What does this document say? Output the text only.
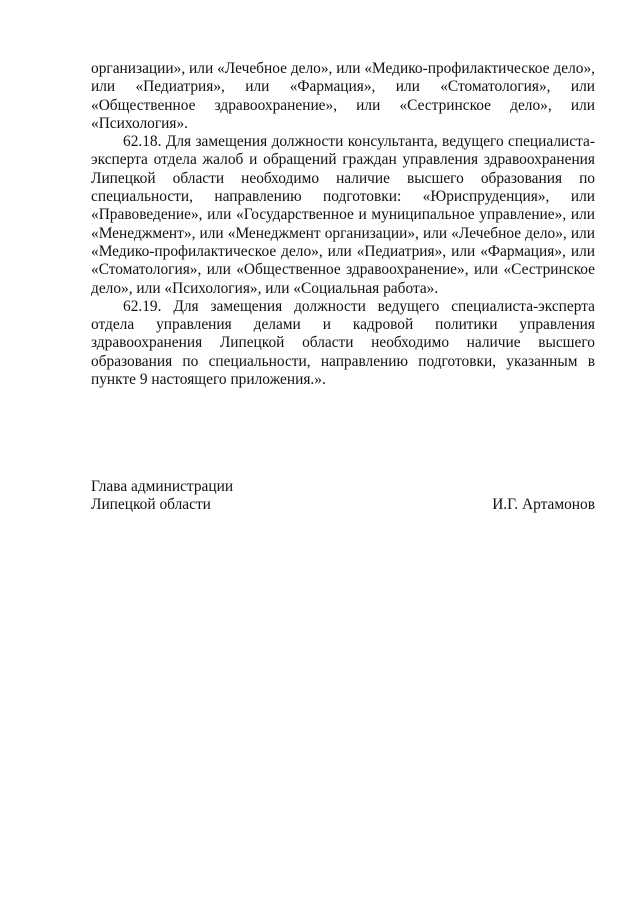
организации», или «Лечебное дело», или «Медико-профилактическое дело», или «Педиатрия», или «Фармация», или «Стоматология», или «Общественное здравоохранение», или «Сестринское дело», или «Психология».

62.18. Для замещения должности консультанта, ведущего специалиста-эксперта отдела жалоб и обращений граждан управления здравоохранения Липецкой области необходимо наличие высшего образования по специальности, направлению подготовки: «Юриспруденция», или «Правоведение», или «Государственное и муниципальное управление», или «Менеджмент», или «Менеджмент организации», или «Лечебное дело», или «Медико-профилактическое дело», или «Педиатрия», или «Фармация», или «Стоматология», или «Общественное здравоохранение», или «Сестринское дело», или «Психология», или «Социальная работа».

62.19. Для замещения должности ведущего специалиста-эксперта отдела управления делами и кадровой политики управления здравоохранения Липецкой области необходимо наличие высшего образования по специальности, направлению подготовки, указанным в пункте 9 настоящего приложения.».

Глава администрации

Липецкой области	И.Г. Артамонов
